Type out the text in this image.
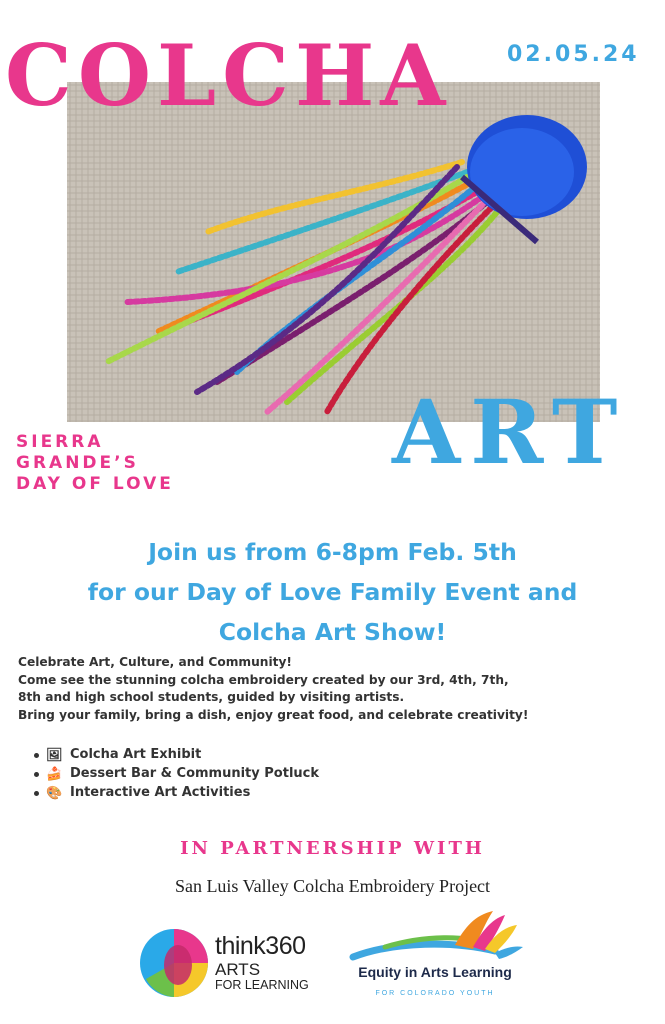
COLCHA	02.05.24
ART
SIERRA
GRANDE’S
DAY OF LOVE
Join us from 6-8pm Feb. 5th
for our Day of Love Family Event and
Colcha Art Show!
Celebrate Art, Culture, and Community!
Come see the stunning colcha embroidery created by our 3rd, 4th, 7th,
8th and high school students, guided by visiting artists.
Bring your family, bring a dish, enjoy great food, and celebrate creativity!
🖼 Colcha Art Exhibit
🍰 Dessert Bar & Community Potluck
🎨 Interactive Art Activities
IN PARTNERSHIP WITH
San Luis Valley Colcha Embroidery Project
think360
ARTS
FOR LEARNING
Equity in Arts Learning
FOR COLORADO YOUTH
